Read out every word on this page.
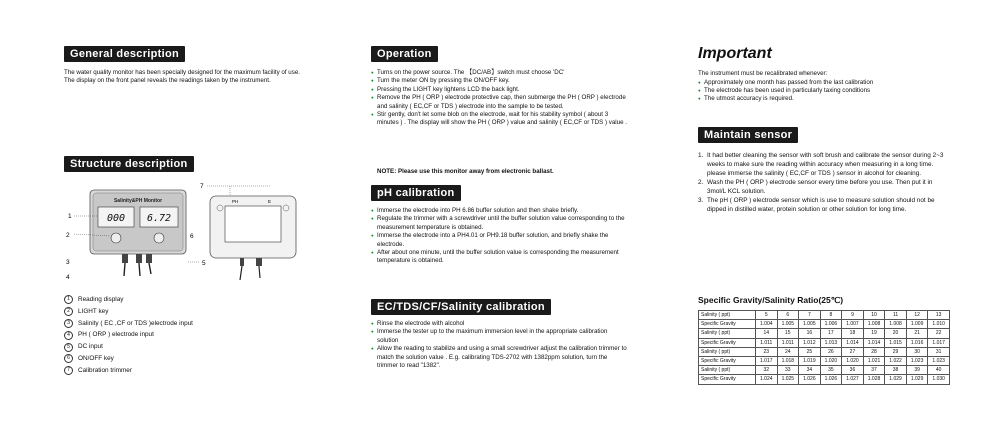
General description

The water quality monitor has been specially designed for the maximum facility of use. The display on the front panel reveals the readings taken by the instrument.

Structure description
Salinity&PH Monitor
000 6.72
1
2
3
4
6
5
7
PH	E
1	Reading display
2	LIGHT key
3	Salinity ( EC ,CF or TDS )electrode input
4	PH ( ORP ) electrode input
5	DC input
6	ON/OFF key
7	Calibration trimmer
Operation
● Turns on the power source. The 【DC/AB】switch must choose 'DC'
● Turn the meter ON by pressing the ON/OFF key.
● Pressing the LIGHT key lightens LCD the back light.
● Remove the PH ( ORP ) electrode protective cap, then submerge the PH ( ORP ) electrode and salinity ( EC,CF or TDS ) electrode into the sample to be tested.
● Stir gently, don't let some blob on the electrode, wait for his stability symbol ( about 3 minutes ) . The display will show the PH ( ORP ) value and salinity ( EC,CF or TDS ) value .
NOTE: Please use this monitor away from electronic ballast.
pH calibration
● Immerse the electrode into PH 6.86 buffer solution and then shake briefly.
● Regulate the trimmer with a screwdriver until the buffer solution value corresponding to the measurement temperature is obtained.
● Immerse the electrode into a PH4.01 or PH9.18 buffer solution, and briefly shake the electrode.
● After about one minute, until the buffer solution value is corresponding the measurement temperature is obtained.
EC/TDS/CF/Salinity calibration
● Rinse the electrode with alcohol
● Immerse the tester up to the maximum immersion level in the appropriate calibration solution
● Allow the reading to stabilize and using a small screwdriver adjust the calibration trimmer to match the solution value . E.g. calibrating TDS-2702 with 1382ppm solution, turn the trimmer to read "1382".
Important

The instrument must be recalibrated whenever:

● Approximately one month has passed from the last calibration
● The electrode has been used in particularly taxing conditions
● The utmost accuracy is required.
Maintain sensor
1. It had better cleaning the sensor with soft brush and calibrate the sensor during 2~3 weeks to make sure the reading within accuracy when measuring in a long time. please immerse the salinity ( EC,CF or TDS ) sensor in alcohol for cleaning.
2. Wash the PH ( ORP ) electrode sensor every time before you use. Then put it in 3mol/L KCL solution.
3. The pH ( ORP ) electrode sensor which is use to measure solution should not be dipped in distilled water, protein solution or other solution for long time.
Specific Gravity/Salinity Ratio(25℃)
Salinity ( ppt)	5	6	7	8	9	10	11	12	13
Specific Gravity	1.004	1.005	1.005	1.006	1.007	1.008	1.008	1.009	1.010
Salinity ( ppt)	14	15	16	17	18	19	20	21	22
Specific Gravity	1.011	1.011	1.012	1.013	1.014	1.014	1.015	1.016	1.017
Salinity ( ppt)	23	24	25	26	27	28	29	30	31
Specific Gravity	1.017	1.018	1.019	1.020	1.020	1.021	1.022	1.023	1.023
Salinity ( ppt)	32	33	34	35	36	37	38	39	40
Specific Gravity	1.024	1.025	1.026	1.026	1.027	1.028	1.029	1.029	1.030
